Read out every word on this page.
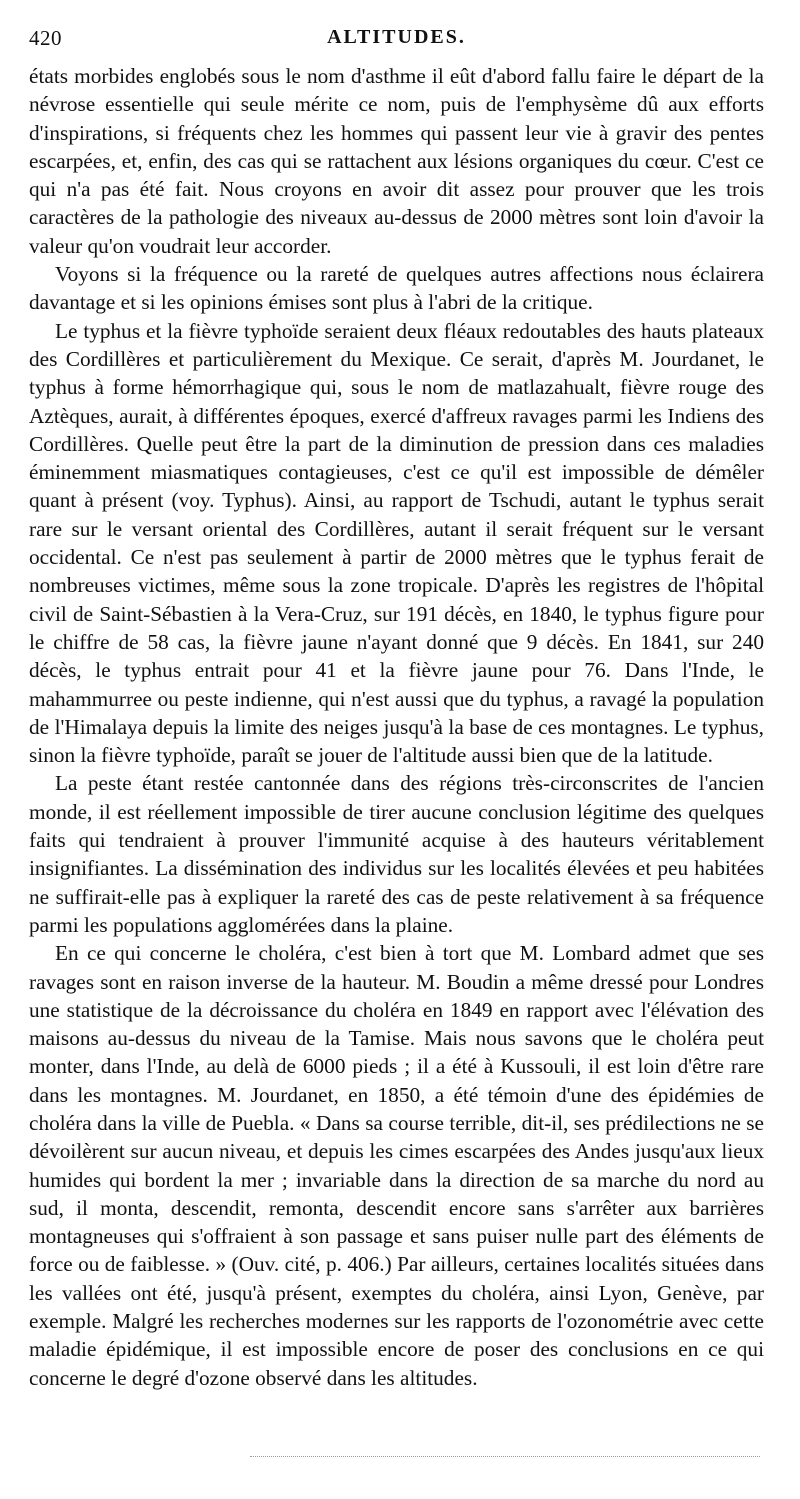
420	ALTITUDES.

états morbides englobés sous le nom d'asthme il eût d'abord fallu faire le départ de la névrose essentielle qui seule mérite ce nom, puis de l'emphysème dû aux efforts d'inspirations, si fréquents chez les hommes qui passent leur vie à gravir des pentes escarpées, et, enfin, des cas qui se rattachent aux lésions organiques du cœur. C'est ce qui n'a pas été fait. Nous croyons en avoir dit assez pour prouver que les trois caractères de la pathologie des niveaux au-dessus de 2000 mètres sont loin d'avoir la valeur qu'on voudrait leur accorder.

Voyons si la fréquence ou la rareté de quelques autres affections nous éclairera davantage et si les opinions émises sont plus à l'abri de la critique.

Le typhus et la fièvre typhoïde seraient deux fléaux redoutables des hauts plateaux des Cordillères et particulièrement du Mexique. Ce serait, d'après M. Jourdanet, le typhus à forme hémorrhagique qui, sous le nom de matlazahualt, fièvre rouge des Aztèques, aurait, à différentes époques, exercé d'affreux ravages parmi les Indiens des Cordillères. Quelle peut être la part de la diminution de pression dans ces maladies éminemment miasmatiques contagieuses, c'est ce qu'il est impossible de démêler quant à présent (voy. Typhus). Ainsi, au rapport de Tschudi, autant le typhus serait rare sur le versant oriental des Cordillères, autant il serait fréquent sur le versant occidental. Ce n'est pas seulement à partir de 2000 mètres que le typhus ferait de nombreuses victimes, même sous la zone tropicale. D'après les registres de l'hôpital civil de Saint-Sébastien à la Vera-Cruz, sur 191 décès, en 1840, le typhus figure pour le chiffre de 58 cas, la fièvre jaune n'ayant donné que 9 décès. En 1841, sur 240 décès, le typhus entrait pour 41 et la fièvre jaune pour 76. Dans l'Inde, le mahammurree ou peste indienne, qui n'est aussi que du typhus, a ravagé la population de l'Himalaya depuis la limite des neiges jusqu'à la base de ces montagnes. Le typhus, sinon la fièvre typhoïde, paraît se jouer de l'altitude aussi bien que de la latitude.

La peste étant restée cantonnée dans des régions très-circonscrites de l'ancien monde, il est réellement impossible de tirer aucune conclusion légitime des quelques faits qui tendraient à prouver l'immunité acquise à des hauteurs véritablement insignifiantes. La dissémination des individus sur les localités élevées et peu habitées ne suffirait-elle pas à expliquer la rareté des cas de peste relativement à sa fréquence parmi les populations agglomérées dans la plaine.

En ce qui concerne le choléra, c'est bien à tort que M. Lombard admet que ses ravages sont en raison inverse de la hauteur. M. Boudin a même dressé pour Londres une statistique de la décroissance du choléra en 1849 en rapport avec l'élévation des maisons au-dessus du niveau de la Tamise. Mais nous savons que le choléra peut monter, dans l'Inde, au delà de 6000 pieds ; il a été à Kussouli, il est loin d'être rare dans les montagnes. M. Jourdanet, en 1850, a été témoin d'une des épidémies de choléra dans la ville de Puebla. « Dans sa course terrible, dit-il, ses prédilections ne se dévoilèrent sur aucun niveau, et depuis les cimes escarpées des Andes jusqu'aux lieux humides qui bordent la mer ; invariable dans la direction de sa marche du nord au sud, il monta, descendit, remonta, descendit encore sans s'arrêter aux barrières montagneuses qui s'offraient à son passage et sans puiser nulle part des éléments de force ou de faiblesse. » (Ouv. cité, p. 406.) Par ailleurs, certaines localités situées dans les vallées ont été, jusqu'à présent, exemptes du choléra, ainsi Lyon, Genève, par exemple. Malgré les recherches modernes sur les rapports de l'ozonométrie avec cette maladie épidémique, il est impossible encore de poser des conclusions en ce qui concerne le degré d'ozone observé dans les altitudes.
